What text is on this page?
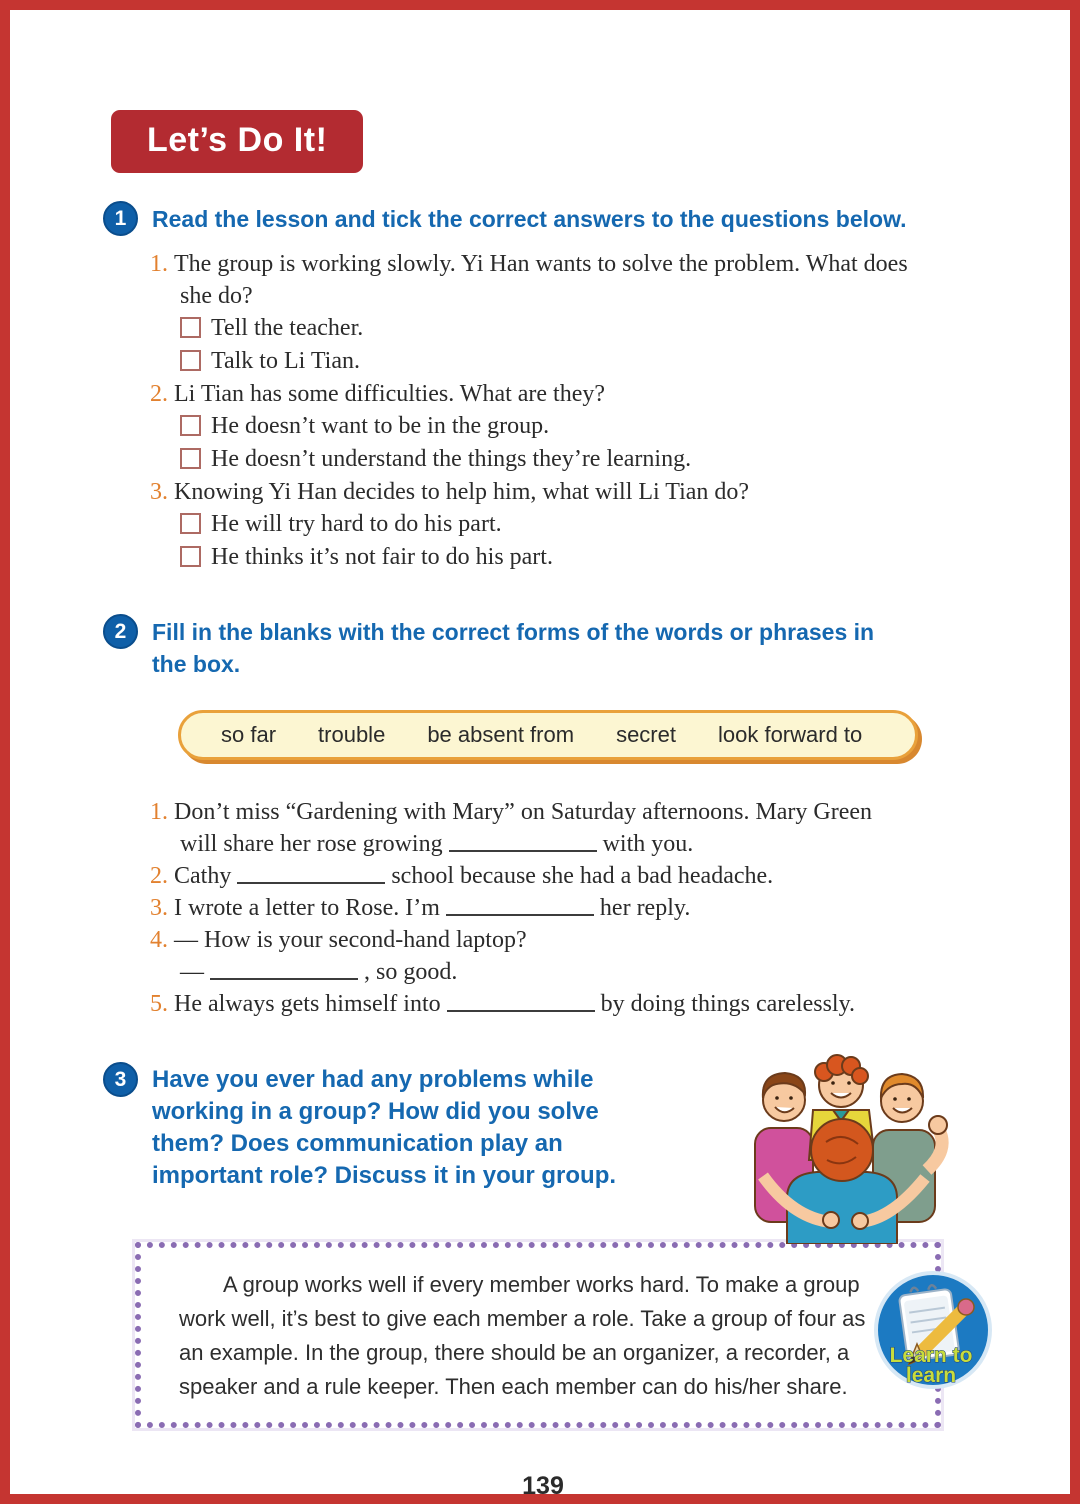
Let’s Do It!
1	Read the lesson and tick the correct answers to the questions below.
1. The group is working slowly. Yi Han wants to solve the problem. What does
she do?
Tell the teacher.
Talk to Li Tian.
2. Li Tian has some difficulties. What are they?
He doesn’t want to be in the group.
He doesn’t understand the things they’re learning.
3. Knowing Yi Han decides to help him, what will Li Tian do?
He will try hard to do his part.
He thinks it’s not fair to do his part.
2	Fill in the blanks with the correct forms of the words or phrases in
the box.
so far trouble be absent from secret look forward to
1. Don’t miss “Gardening with Mary” on Saturday afternoons. Mary Green
will share her rose growing	with you.
2. Cathy	school because she had a bad headache.
3. I wrote a letter to Rose. I’m	her reply.
4. — How is your second-hand laptop?
—	, so good.
5. He always gets himself into	by doing things carelessly.
3	Have you ever had any problems while
working in a group? How did you solve
them? Does communication play an
important role? Discuss it in your group.
A group works well if every member works hard. To make a group work well, it’s best to give each member a role. Take a group of four as an example. In the group, there should be an organizer, a recorder, a speaker and a rule keeper. Then each member can do his/her share.
Learn to
learn
139
